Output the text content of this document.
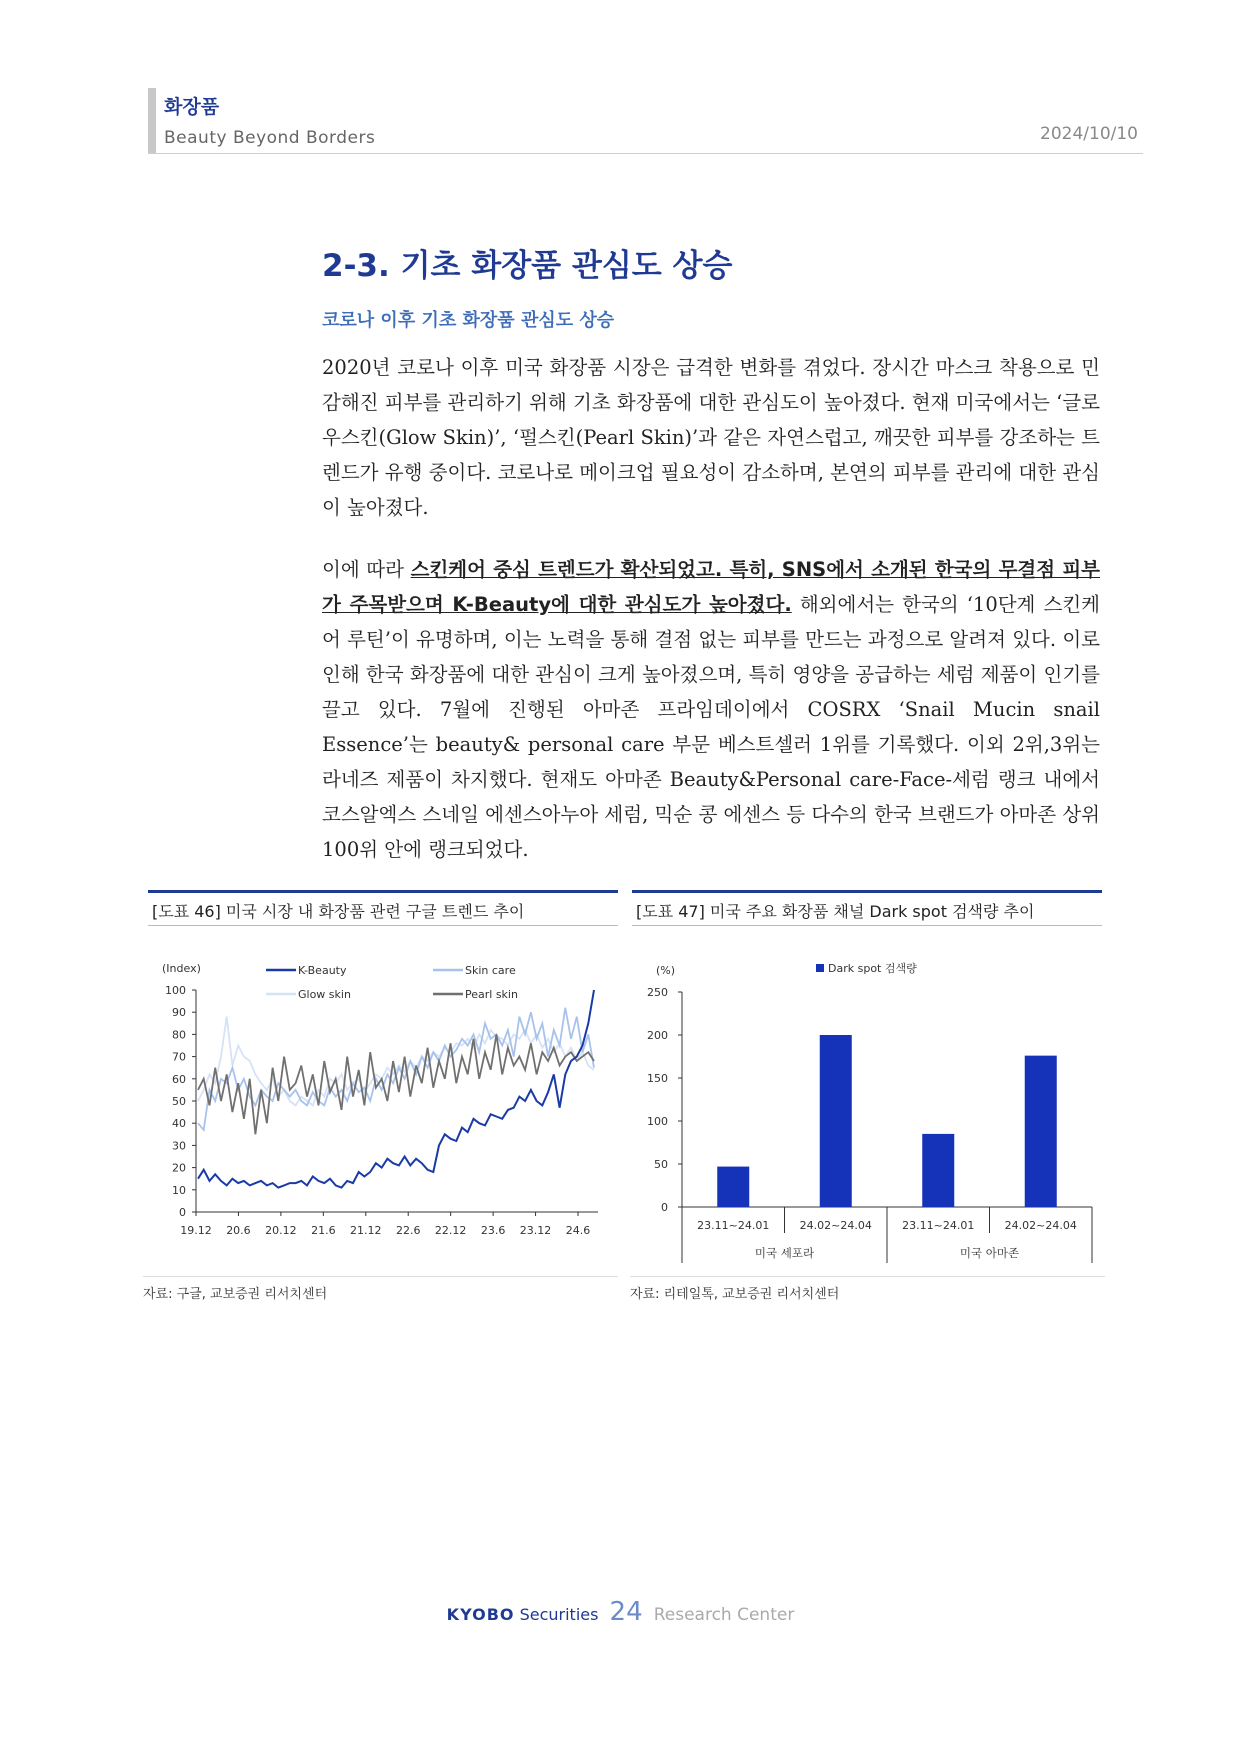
화장품
Beauty Beyond Borders	2024/10/10
2-3. 기초 화장품 관심도 상승
코로나 이후 기초 화장품 관심도 상승
2020년 코로나 이후 미국 화장품 시장은 급격한 변화를 겪었다. 장시간 마스크 착용으로 민감해진 피부를 관리하기 위해 기초 화장품에 대한 관심도이 높아졌다. 현재 미국에서는 ‘글로우스킨(Glow Skin)’, ‘펄스킨(Pearl Skin)’과 같은 자연스럽고, 깨끗한 피부를 강조하는 트렌드가 유행 중이다. 코로나로 메이크업 필요성이 감소하며, 본연의 피부를 관리에 대한 관심이 높아졌다.
이에 따라 스킨케어 중심 트렌드가 확산되었고. 특히, SNS에서 소개된 한국의 무결점 피부가 주목받으며 K-Beauty에 대한 관심도가 높아졌다. 해외에서는 한국의 ‘10단계 스킨케어 루틴’이 유명하며, 이는 노력을 통해 결점 없는 피부를 만드는 과정으로 알려져 있다. 이로 인해 한국 화장품에 대한 관심이 크게 높아졌으며, 특히 영양을 공급하는 세럼 제품이 인기를 끌고 있다. 7월에 진행된 아마존 프라임데이에서 COSRX ‘Snail Mucin snail Essence’는 beauty& personal care 부문 베스트셀러 1위를 기록했다. 이외 2위,3위는 라네즈 제품이 차지했다. 현재도 아마존 Beauty&Personal care-Face-세럼 랭크 내에서 코스알엑스 스네일 에센스아누아 세럼, 믹순 콩 에센스 등 다수의 한국 브랜드가 아마존 상위 100위 안에 랭크되었다.
[도표 46] 미국 시장 내 화장품 관련 구글 트렌드 추이	[도표 47] 미국 주요 화장품 채널 Dark spot 검색량 추이
(Index)
0
10
20
30
40
50
60
70
80
90
100
19.12 20.6 20.12 21.6 21.12 22.6 22.12 23.6 23.12 24.6
K-Beauty	Skin care
Glow skin	Pearl skin
(%)
0
50
100
150
200
250
23.11~24.01	24.02~24.04	23.11~24.01	24.02~24.04
미국 세포라	미국 아마존
Dark spot 검색량
자료: 구글, 교보증권 리서치센터	자료: 리테일톡, 교보증권 리서치센터
KYOBO Securities 24 Research Center
